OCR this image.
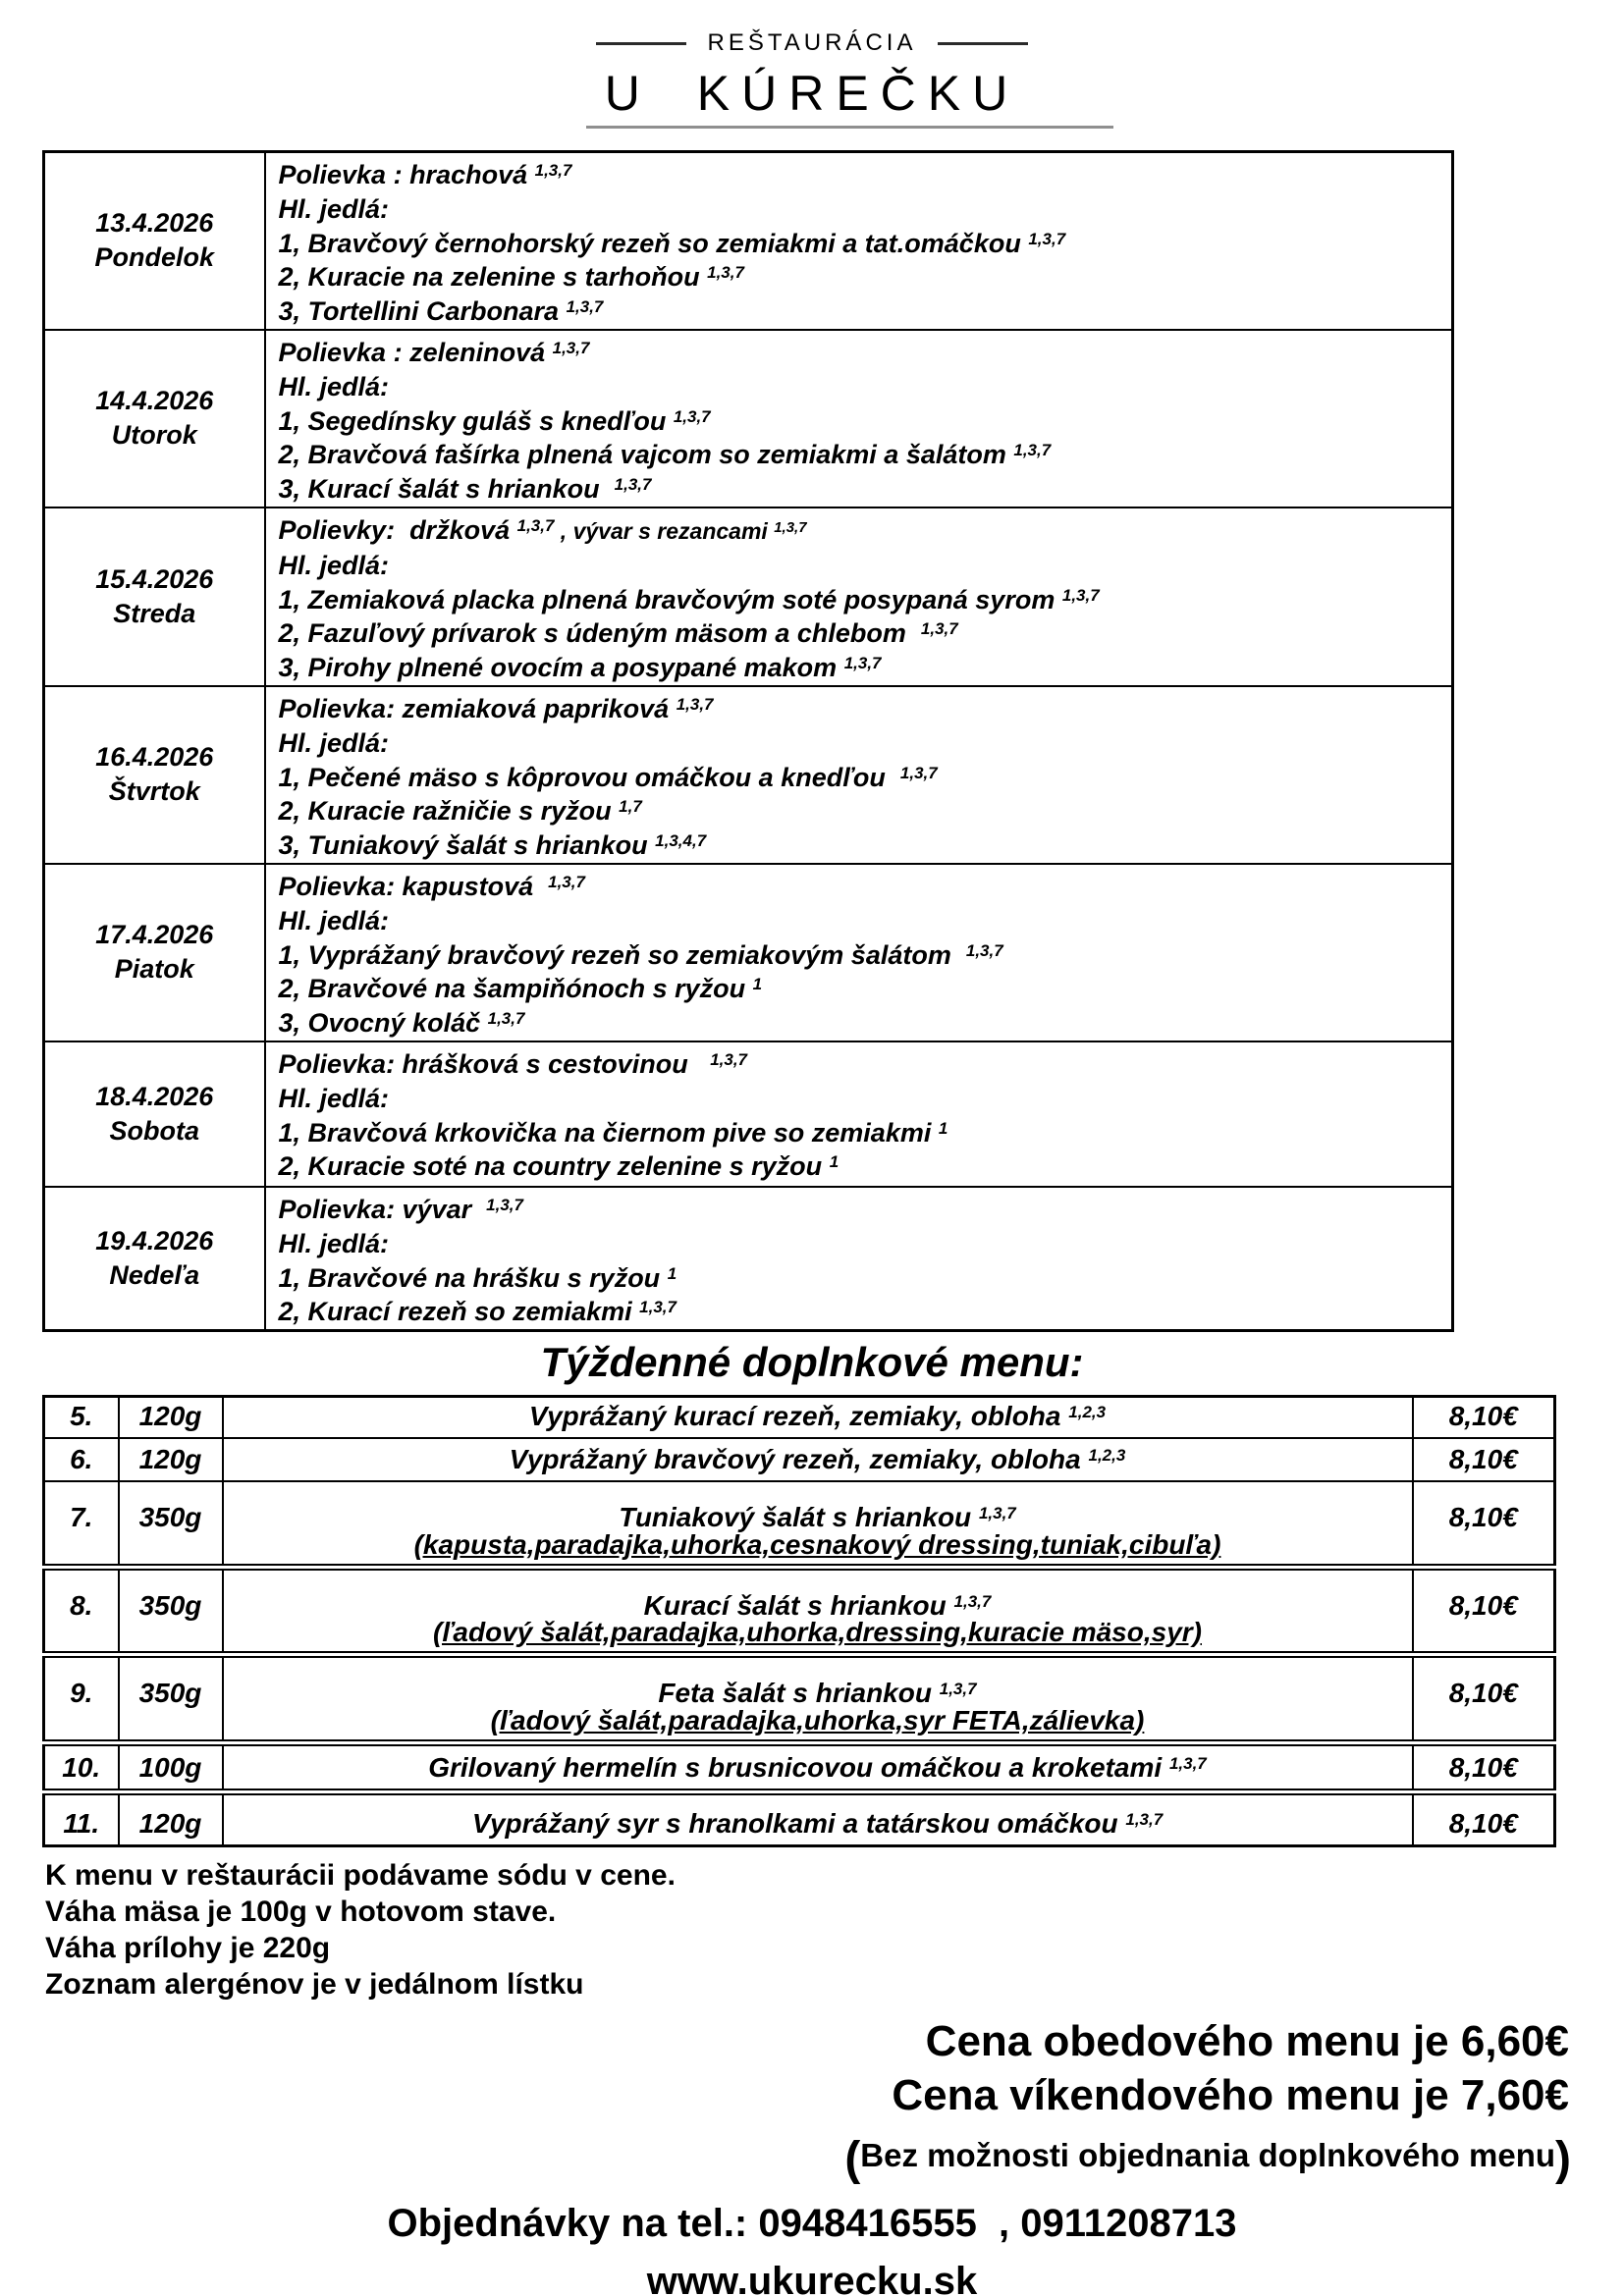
REŠTAURÁCIA
U KÚREČKU
13.4.2026
Pondelok

Polievka : hrachová $^{1,3,7}$
Hl. jedlá:
1, Bravčový černohorský rezeň so zemiakmi a tat.omáčkou $^{1,3,7}$
2, Kuracie na zelenine s tarhoňou $^{1,3,7}$
3, Tortellini Carbonara $^{1,3,7}$

14.4.2026
Utorok

Polievka : zeleninová $^{1,3,7}$
Hl. jedlá:
1, Segedínsky guláš s knedľou $^{1,3,7}$
2, Bravčová fašírka plnená vajcom so zemiakmi a šalátom $^{1,3,7}$
3, Kurací šalát s hriankou  $^{1,3,7}$

15.4.2026
Streda

Polievky:  držková $^{1,3,7}$ , vývar s rezancami $^{1,3,7}$
Hl. jedlá:
1, Zemiaková placka plnená bravčovým soté posypaná syrom $^{1,3,7}$
2, Fazuľový prívarok s údeným mäsom a chlebom  $^{1,3,7}$
3, Pirohy plnené ovocím a posypané makom $^{1,3,7}$

16.4.2026
Štvrtok

Polievka: zemiaková papriková $^{1,3,7}$
Hl. jedlá:
1, Pečené mäso s kôprovou omáčkou a knedľou  $^{1,3,7}$
2, Kuracie ražničie s ryžou $^{1,7}$
3, Tuniakový šalát s hriankou $^{1,3,4,7}$

17.4.2026
Piatok

Polievka: kapustová  $^{1,3,7}$
Hl. jedlá:
1, Vyprážaný bravčový rezeň so zemiakovým šalátom  $^{1,3,7}$
2, Bravčové na šampiňónoch s ryžou $^1$
3, Ovocný koláč $^{1,3,7}$

18.4.2026
Sobota

Polievka: hrášková s cestovinou   $^{1,3,7}$
Hl. jedlá:
1, Bravčová krkovička na čiernom pive so zemiakmi $^1$
2, Kuracie soté na country zelenine s ryžou $^1$

19.4.2026
Nedeľa

Polievka: vývar  $^{1,3,7}$
Hl. jedlá:
1, Bravčové na hrášku s ryžou $^1$
2, Kurací rezeň so zemiakmi $^{1,3,7}$
Týždenné doplnkové menu:
5.	120g	Vyprážaný kurací rezeň, zemiaky, obloha $^{1,2,3}$	8,10€
6.	120g	Vyprážaný bravčový rezeň, zemiaky, obloha $^{1,2,3}$	8,10€
7.	350g	Tuniakový šalát s hriankou $^{1,3,7}$
(kapusta,paradajka,uhorka,cesnakový dressing,tuniak,cibuľa)	8,10€
8.	350g	Kurací šalát s hriankou $^{1,3,7}$
(ľadový šalát,paradajka,uhorka,dressing,kuracie mäso,syr)	8,10€
9.	350g	Feta šalát s hriankou $^{1,3,7}$
(ľadový šalát,paradajka,uhorka,syr FETA,zálievka)	8,10€
10.	100g	Grilovaný hermelín s brusnicovou omáčkou a kroketami $^{1,3,7}$	8,10€
11.	120g	Vyprážaný syr s hranolkami a tatárskou omáčkou $^{1,3,7}$	8,10€
K menu v reštaurácii podávame sódu v cene.
Váha mäsa je 100g v hotovom stave.
Váha prílohy je 220g
Zoznam alergénov je v jedálnom lístku
Cena obedového menu je 6,60€
Cena víkendového menu je 7,60€
(Bez možnosti objednania doplnkového menu)
Objednávky na tel.: 0948416555  , 0911208713
www.ukurecku.sk
